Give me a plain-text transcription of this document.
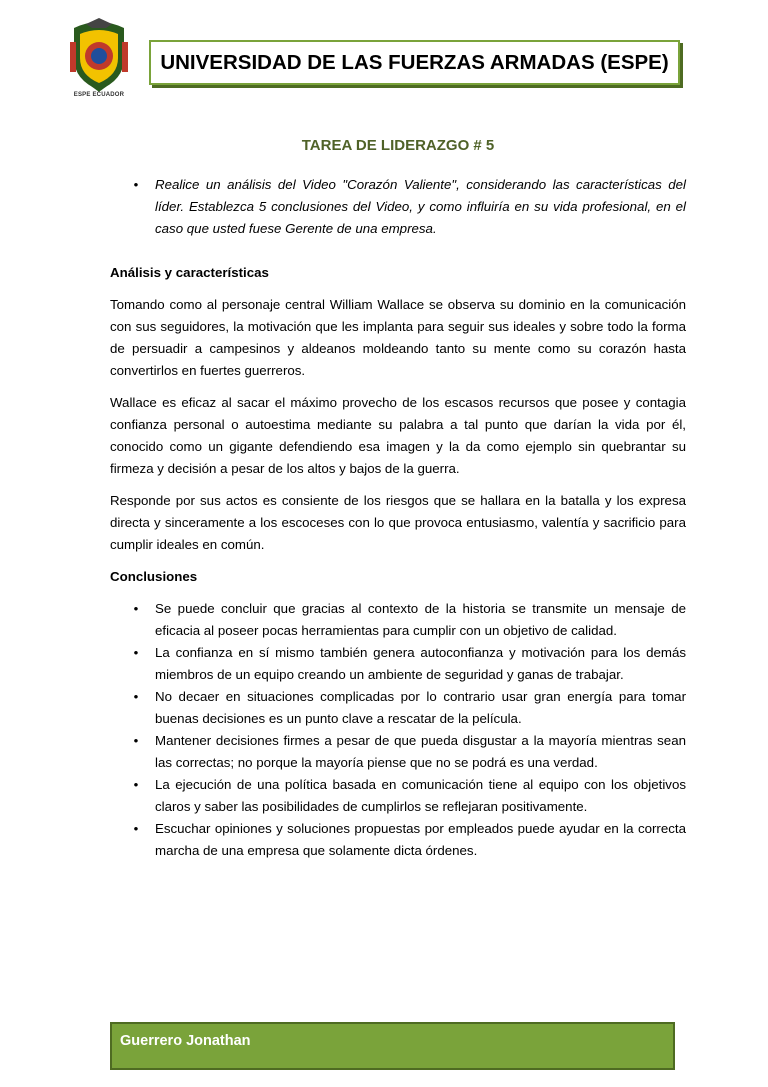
ESPE ECUADOR
UNIVERSIDAD DE LAS FUERZAS ARMADAS (ESPE)
TAREA DE LIDERAZGO # 5
• Realice un análisis del Video "Corazón Valiente", considerando las características del líder. Establezca 5 conclusiones del Video, y como influiría en su vida profesional, en el caso que usted fuese Gerente de una empresa.
Análisis y características

Tomando como al personaje central William Wallace se observa su dominio en la comunicación con sus seguidores, la motivación que les implanta para seguir sus ideales y sobre todo la forma de persuadir a campesinos y aldeanos moldeando tanto su mente como su corazón hasta convertirlos en fuertes guerreros.

Wallace es eficaz al sacar el máximo provecho de los escasos recursos que posee y contagia confianza personal o autoestima mediante su palabra a tal punto que darían la vida por él, conocido como un gigante defendiendo esa imagen y la da como ejemplo sin quebrantar su firmeza y decisión a pesar de los altos y bajos de la guerra.

Responde por sus actos es consiente de los riesgos que se hallara en la batalla y los expresa directa y sinceramente a los escoceses con lo que provoca entusiasmo, valentía y sacrificio para cumplir ideales en común.

Conclusiones
• Se puede concluir que gracias al contexto de la historia se transmite un mensaje de eficacia al poseer pocas herramientas para cumplir con un objetivo de calidad.
• La confianza en sí mismo también genera autoconfianza y motivación para los demás miembros de un equipo creando un ambiente de seguridad y ganas de trabajar.
• No decaer en situaciones complicadas por lo contrario usar gran energía para tomar buenas decisiones es un punto clave a rescatar de la película.
• Mantener decisiones firmes a pesar de que pueda disgustar a la mayoría mientras sean las correctas; no porque la mayoría piense que no se podrá es una verdad.
• La ejecución de una política basada en comunicación tiene al equipo con los objetivos claros y saber las posibilidades de cumplirlos se reflejaran positivamente.
• Escuchar opiniones y soluciones propuestas por empleados puede ayudar en la correcta marcha de una empresa que solamente dicta órdenes.
Guerrero Jonathan
